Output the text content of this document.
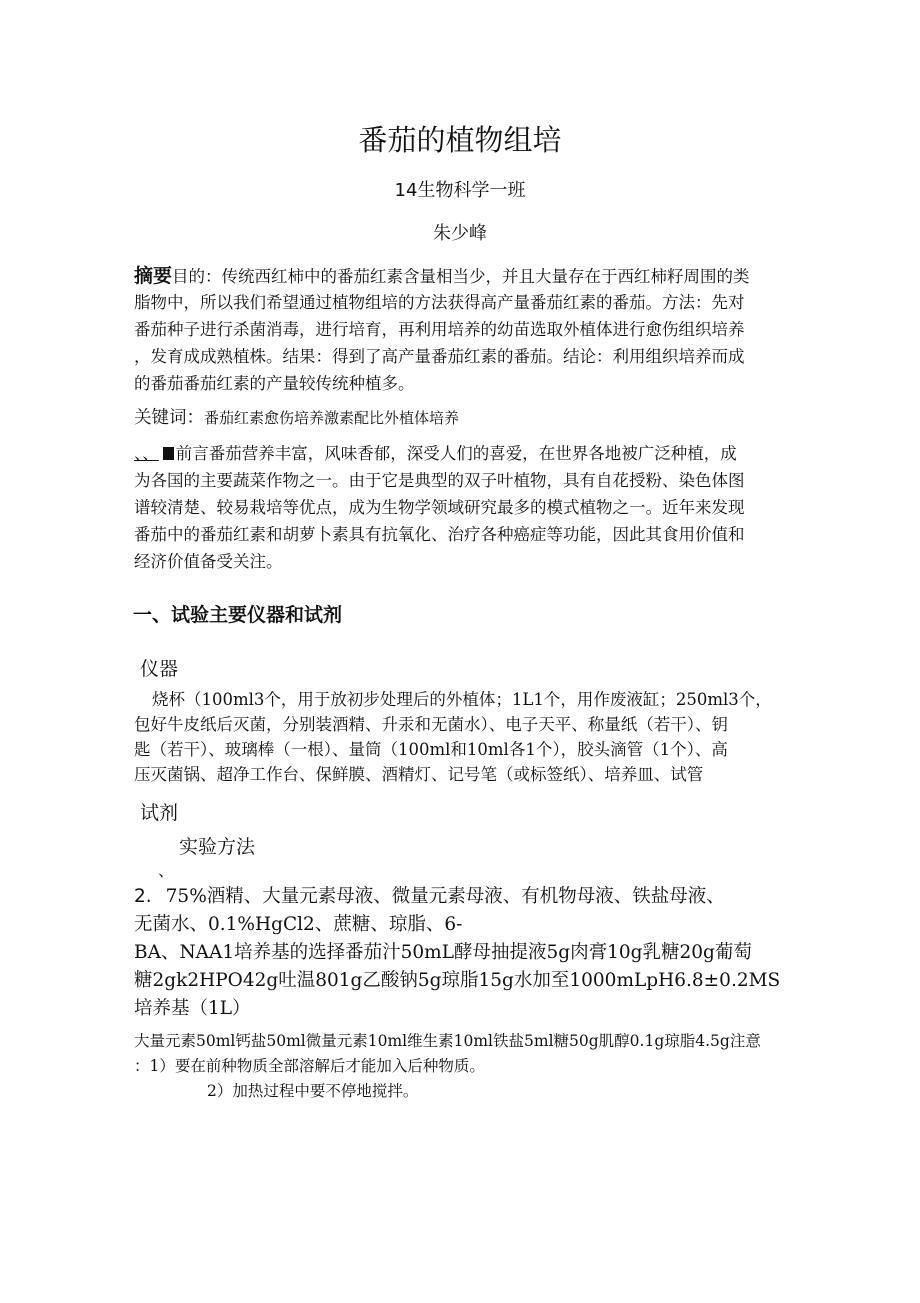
番茄的植物组培
14生物科学一班
朱少峰
摘要目的：传统西红柿中的番茄红素含量相当少，并且大量存在于西红柿籽周围的类
脂物中，所以我们希望通过植物组培的方法获得高产量番茄红素的番茄。方法：先对
番茄种子进行杀菌消毒，进行培育，再利用培养的幼苗选取外植体进行愈伤组织培养
，发育成成熟植株。结果：得到了高产量番茄红素的番茄。结论：利用组织培养而成
的番茄番茄红素的产量较传统种植多。
关键词：番茄红素愈伤培养激素配比外植体培养
、、 前言番茄营养丰富，风味香郁，深受人们的喜爱，在世界各地被广泛种植，成
为各国的主要蔬菜作物之一。由于它是典型的双子叶植物，具有自花授粉、染色体图
谱较清楚、较易栽培等优点，成为生物学领域研究最多的模式植物之一。近年来发现
番茄中的番茄红素和胡萝卜素具有抗氧化、治疗各种癌症等功能，因此其食用价值和
经济价值备受关注。
一、试验主要仪器和试剂
仪器
烧杯（100ml3个，用于放初步处理后的外植体；1L1个，用作废液缸；250ml3个，
包好牛皮纸后灭菌，分别装酒精、升汞和无菌水）、电子天平、称量纸（若干）、钥
匙（若干）、玻璃棒（一根）、量筒（100ml和10ml各1个），胶头滴管（1个）、高
压灭菌锅、超净工作台、保鲜膜、酒精灯、记号笔（或标签纸）、培养皿、试管
试剂
实验方法
、
2. 75%酒精、大量元素母液、微量元素母液、有机物母液、铁盐母液、
无菌水、0.1%HgCl2、蔗糖、琼脂、6-
BA、NAA1培养基的选择番茄汁50mL酵母抽提液5g肉膏10g乳糖20g葡萄
糖2gk2HPO42g吐温801g乙酸钠5g琼脂15g水加至1000mLpH6.8±0.2MS
培养基（1L）
大量元素50ml钙盐50ml微量元素10ml维生素10ml铁盐5ml糖50g肌醇0.1g琼脂4.5g注意
：1）要在前种物质全部溶解后才能加入后种物质。
2）加热过程中要不停地搅拌。
